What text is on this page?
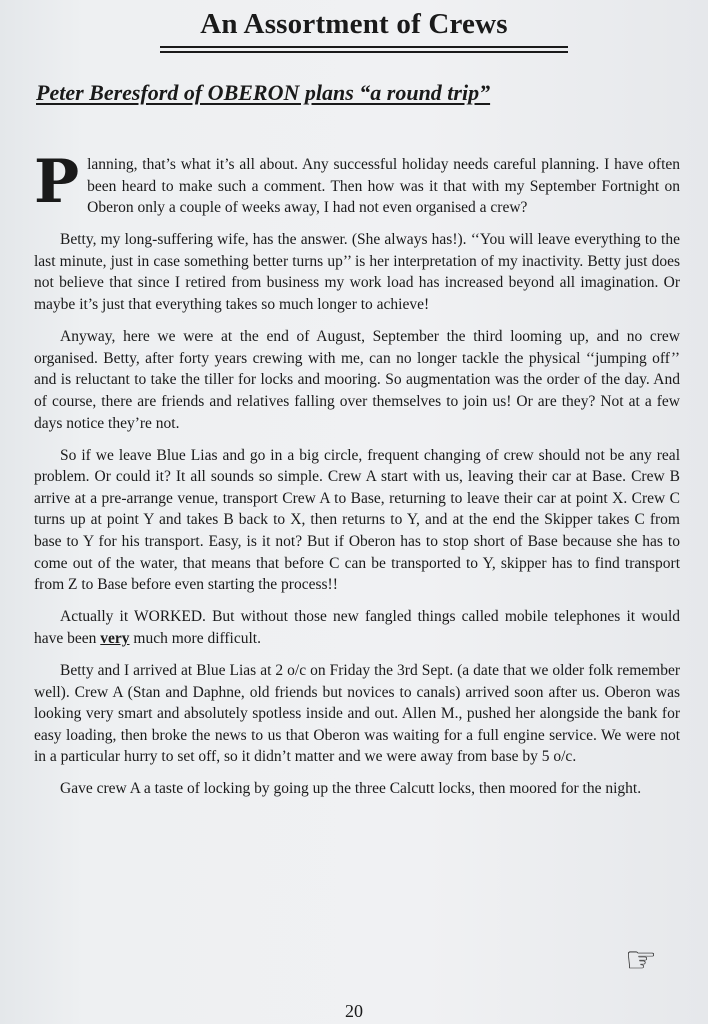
An Assortment of Crews
Peter Beresford of OBERON plans “a round trip”

Planning, that’s what it’s all about. Any successful holiday needs careful planning. I have often been heard to make such a comment. Then how was it that with my September Fortnight on Oberon only a couple of weeks away, I had not even organised a crew?

Betty, my long-suffering wife, has the answer. (She always has!). ‘‘You will leave everything to the last minute, just in case something better turns up’’ is her interpretation of my inactivity. Betty just does not believe that since I retired from business my work load has increased beyond all imagination. Or maybe it’s just that everything takes so much longer to achieve!

Anyway, here we were at the end of August, September the third looming up, and no crew organised. Betty, after forty years crewing with me, can no longer tackle the physical ‘‘jumping off’’ and is reluctant to take the tiller for locks and mooring. So augmentation was the order of the day. And of course, there are friends and relatives falling over themselves to join us! Or are they? Not at a few days notice they’re not.

So if we leave Blue Lias and go in a big circle, frequent changing of crew should not be any real problem. Or could it? It all sounds so simple. Crew A start with us, leaving their car at Base. Crew B arrive at a pre-arrange venue, transport Crew A to Base, returning to leave their car at point X. Crew C turns up at point Y and takes B back to X, then returns to Y, and at the end the Skipper takes C from base to Y for his transport. Easy, is it not? But if Oberon has to stop short of Base because she has to come out of the water, that means that before C can be transported to Y, skipper has to find transport from Z to Base before even starting the process!!

Actually it WORKED. But without those new fangled things called mobile telephones it would have been very much more difficult.

Betty and I arrived at Blue Lias at 2 o/c on Friday the 3rd Sept. (a date that we older folk remember well). Crew A (Stan and Daphne, old friends but novices to canals) arrived soon after us. Oberon was looking very smart and absolutely spotless inside and out. Allen M., pushed her alongside the bank for easy loading, then broke the news to us that Oberon was waiting for a full engine service. We were not in a particular hurry to set off, so it didn’t matter and we were away from base by 5 o/c.

Gave crew A a taste of locking by going up the three Calcutt locks, then moored for the night.

☞
20
